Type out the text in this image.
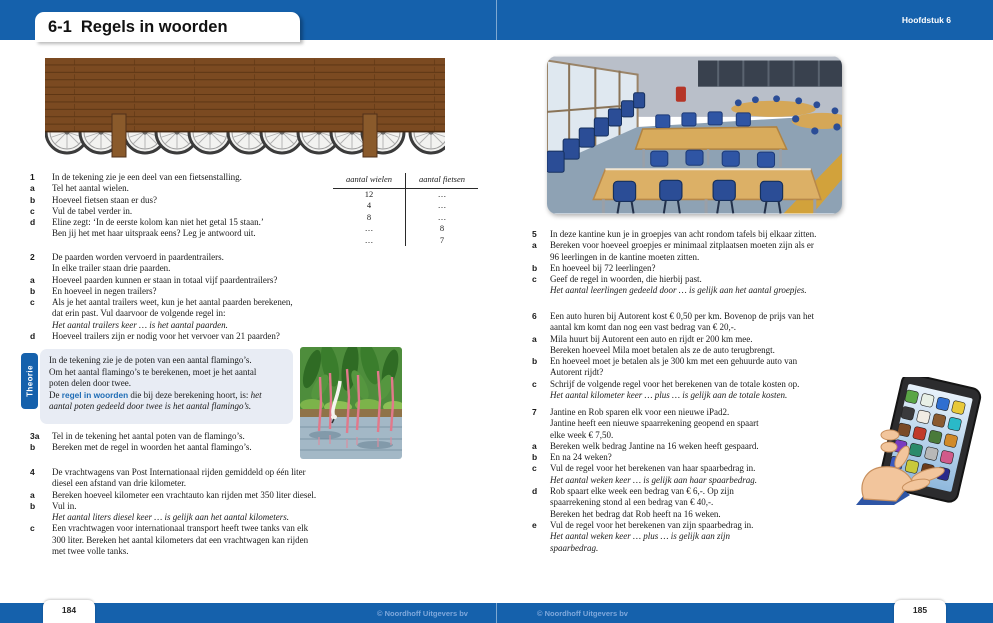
Hoofdstuk 6
6-1 Regels in woorden
1	In de tekening zie je een deel van een fietsenstalling.
a	Tel het aantal wielen.
b	Hoeveel fietsen staan er dus?
c	Vul de tabel verder in.
d	Eline zegt: ‘In de eerste kolom kan niet het getal 15 staan.’
Ben jij het met haar uitspraak eens? Leg je antwoord uit.
aantal wielen	aantal fietsen
12	…
4	…
8	…
…	8
…	7
2	De paarden worden vervoerd in paardentrailers.
In elke trailer staan drie paarden.
a	Hoeveel paarden kunnen er staan in totaal vijf paardentrailers?
b	En hoeveel in negen trailers?
c	Als je het aantal trailers weet, kun je het aantal paarden berekenen,
dat erin past. Vul daarvoor de volgende regel in:
Het aantal trailers keer … is het aantal paarden.
d	Hoeveel trailers zijn er nodig voor het vervoer van 21 paarden?
Theorie
In de tekening zie je de poten van een aantal flamingo’s.
Om het aantal flamingo’s te berekenen, moet je het aantal
poten delen door twee.
De regel in woorden die bij deze berekening hoort, is: het
aantal poten gedeeld door twee is het aantal flamingo’s.
3a	Tel in de tekening het aantal poten van de flamingo’s.
b	Bereken met de regel in woorden het aantal flamingo’s.
4	De vrachtwagens van Post Internationaal rijden gemiddeld op één liter
diesel een afstand van drie kilometer.
a	Bereken hoeveel kilometer een vrachtauto kan rijden met 350 liter diesel.
b	Vul in.
Het aantal liters diesel keer … is gelijk aan het aantal kilometers.
c	Een vrachtwagen voor internationaal transport heeft twee tanks van elk
300 liter. Bereken het aantal kilometers dat een vrachtwagen kan rijden
met twee volle tanks.
5	In deze kantine kun je in groepjes van acht rondom tafels bij elkaar zitten.
a	Bereken voor hoeveel groepjes er minimaal zitplaatsen moeten zijn als er
96 leerlingen in de kantine moeten zitten.
b	En hoeveel bij 72 leerlingen?
c	Geef de regel in woorden, die hierbij past.
Het aantal leerlingen gedeeld door … is gelijk aan het aantal groepjes.
6	Een auto huren bij Autorent kost € 0,50 per km. Bovenop de prijs van het
aantal km komt dan nog een vast bedrag van € 20,-.
a	Mila huurt bij Autorent een auto en rijdt er 200 km mee.
Bereken hoeveel Mila moet betalen als ze de auto terugbrengt.
b	En hoeveel moet je betalen als je 300 km met een gehuurde auto van
Autorent rijdt?
c	Schrijf de volgende regel voor het berekenen van de totale kosten op.
Het aantal kilometer keer … plus … is gelijk aan de totale kosten.
7	Jantine en Rob sparen elk voor een nieuwe iPad2.
Jantine heeft een nieuwe spaarrekening geopend en spaart
elke week € 7,50.
a	Bereken welk bedrag Jantine na 16 weken heeft gespaard.
b	En na 24 weken?
c	Vul de regel voor het berekenen van haar spaarbedrag in.
Het aantal weken keer … is gelijk aan haar spaarbedrag.
d	Rob spaart elke week een bedrag van € 6,-. Op zijn
spaarrekening stond al een bedrag van € 40,-.
Bereken het bedrag dat Rob heeft na 16 weken.
e	Vul de regel voor het berekenen van zijn spaarbedrag in.
Het aantal weken keer … plus … is gelijk aan zijn
spaarbedrag.
© Noordhoff Uitgevers bv	© Noordhoff Uitgevers bv
184	185
